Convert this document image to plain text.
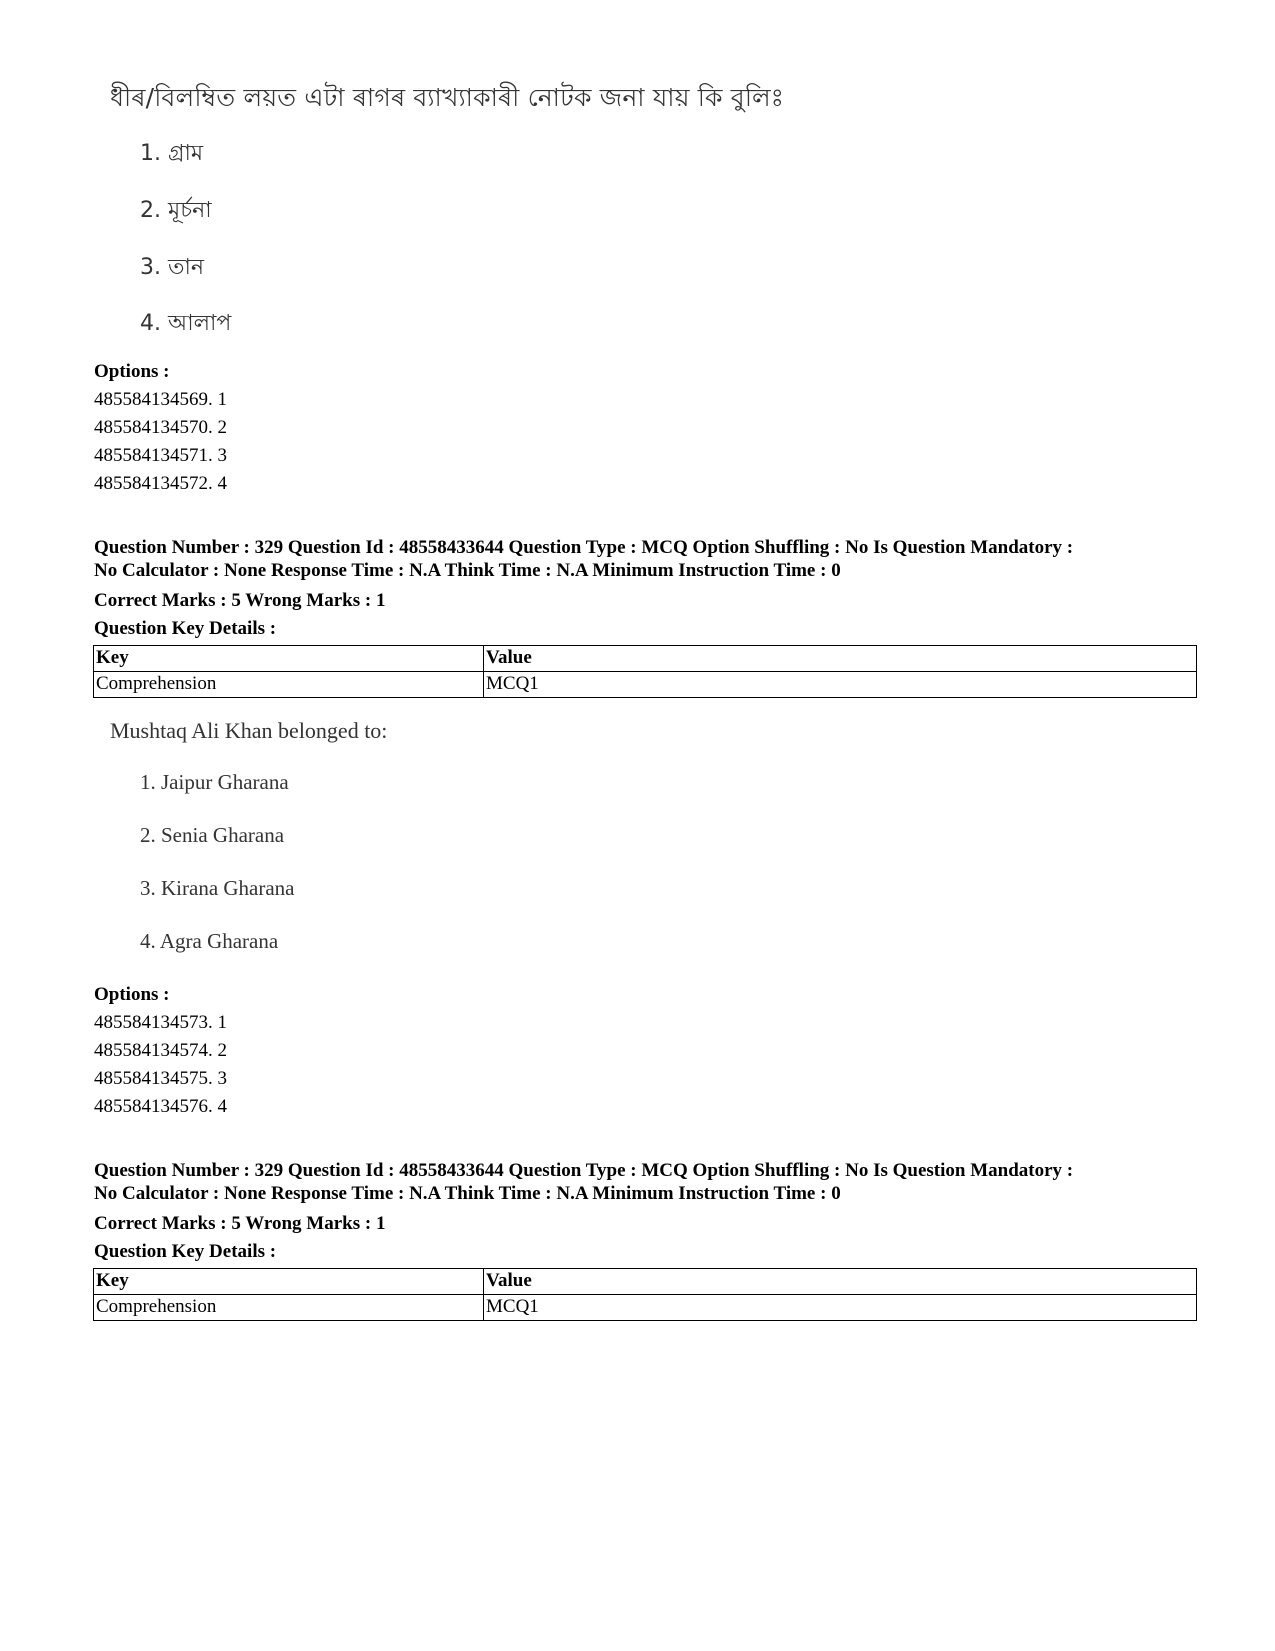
ধীৰ/বিলম্বিত লয়ত এটা ৰাগৰ ব্যাখ্যাকাৰী নোটক জনা যায় কি বুলিঃ
1. গ্রাম
2. মূৰ্চনা
3. তান
4. আলাপ
Options :
485584134569. 1
485584134570. 2
485584134571. 3
485584134572. 4
Question Number : 329 Question Id : 48558433644 Question Type : MCQ Option Shuffling : No Is Question Mandatory :
No Calculator : None Response Time : N.A Think Time : N.A Minimum Instruction Time : 0
Correct Marks : 5 Wrong Marks : 1
Question Key Details :
Key	Value
Comprehension	MCQ1
Mushtaq Ali Khan belonged to:
1. Jaipur Gharana
2. Senia Gharana
3. Kirana Gharana
4. Agra Gharana
Options :
485584134573. 1
485584134574. 2
485584134575. 3
485584134576. 4
Question Number : 329 Question Id : 48558433644 Question Type : MCQ Option Shuffling : No Is Question Mandatory :
No Calculator : None Response Time : N.A Think Time : N.A Minimum Instruction Time : 0
Correct Marks : 5 Wrong Marks : 1
Question Key Details :
Key	Value
Comprehension	MCQ1
